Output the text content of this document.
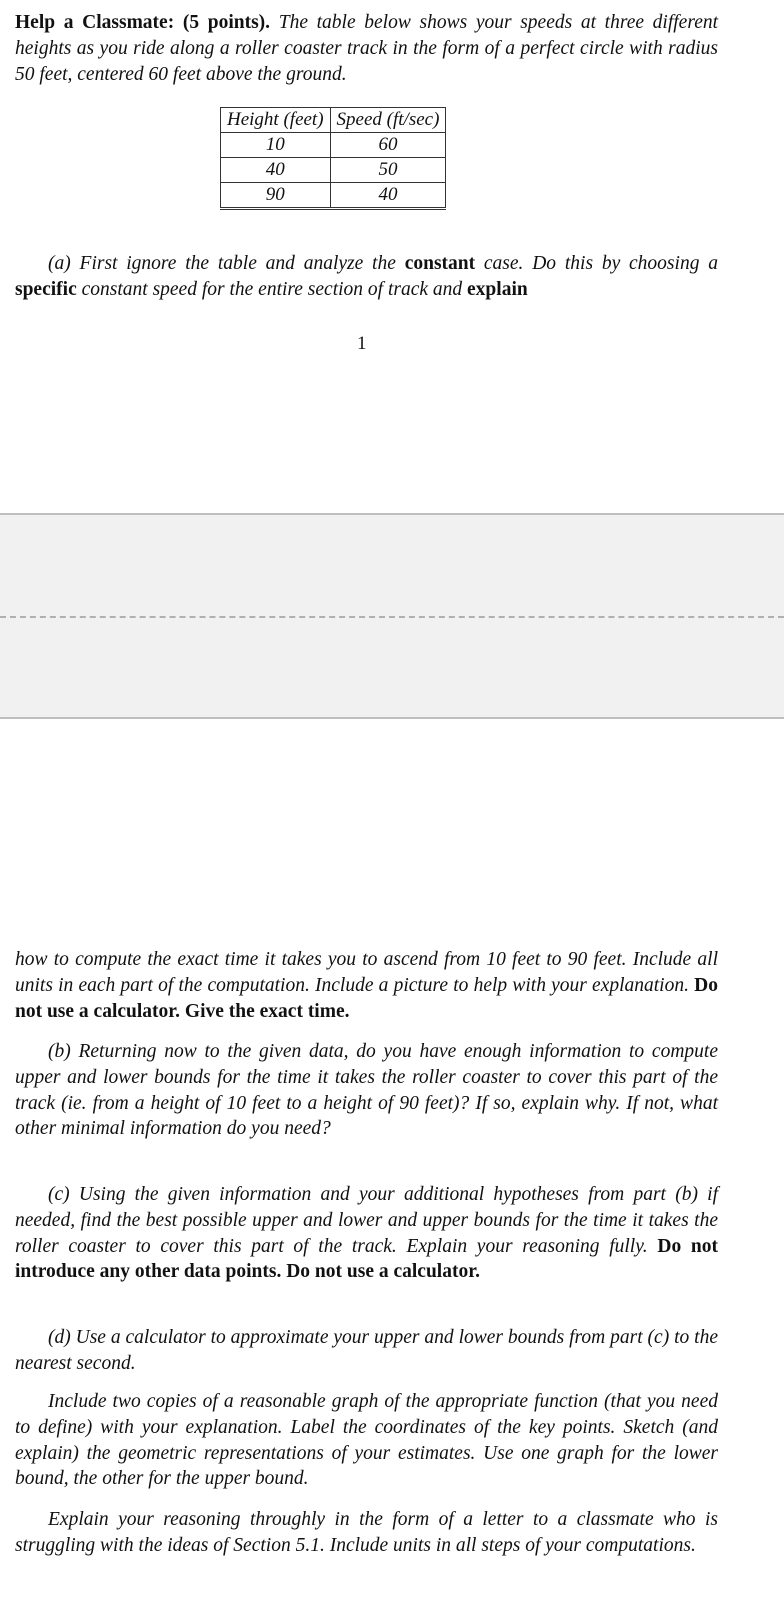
Help a Classmate: (5 points). The table below shows your speeds at three different heights as you ride along a roller coaster track in the form of a perfect circle with radius 50 feet, centered 60 feet above the ground.
Height (feet)	Speed (ft/sec)
10	60
40	50
90	40
(a) First ignore the table and analyze the constant case. Do this by choosing a specific constant speed for the entire section of track and explain
1
how to compute the exact time it takes you to ascend from 10 feet to 90 feet. Include all units in each part of the computation. Include a picture to help with your explanation. Do not use a calculator. Give the exact time.
(b) Returning now to the given data, do you have enough information to compute upper and lower bounds for the time it takes the roller coaster to cover this part of the track (ie. from a height of 10 feet to a height of 90 feet)? If so, explain why. If not, what other minimal information do you need?
(c) Using the given information and your additional hypotheses from part (b) if needed, find the best possible upper and lower and upper bounds for the time it takes the roller coaster to cover this part of the track. Explain your reasoning fully. Do not introduce any other data points. Do not use a calculator.
(d) Use a calculator to approximate your upper and lower bounds from part (c) to the nearest second.
Include two copies of a reasonable graph of the appropriate function (that you need to define) with your explanation. Label the coordinates of the key points. Sketch (and explain) the geometric representations of your estimates. Use one graph for the lower bound, the other for the upper bound.
Explain your reasoning throughly in the form of a letter to a classmate who is struggling with the ideas of Section 5.1. Include units in all steps of your computations.
